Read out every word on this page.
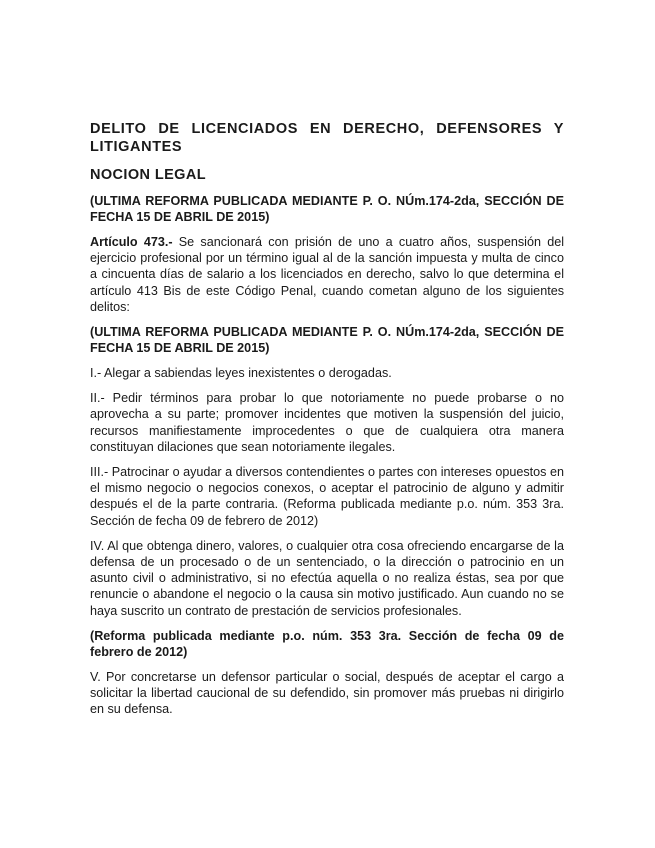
DELITO DE LICENCIADOS EN DERECHO, DEFENSORES Y LITIGANTES
NOCION LEGAL
(ULTIMA REFORMA PUBLICADA MEDIANTE P. O. NÚm.174-2da, SECCIÓN DE FECHA 15 DE ABRIL DE 2015)
Artículo 473.- Se sancionará con prisión de uno a cuatro años, suspensión del ejercicio profesional por un término igual al de la sanción impuesta y multa de cinco a cincuenta días de salario a los licenciados en derecho, salvo lo que determina el artículo 413 Bis de este Código Penal, cuando cometan alguno de los siguientes delitos:
(ULTIMA REFORMA PUBLICADA MEDIANTE P. O. NÚm.174-2da, SECCIÓN DE FECHA 15 DE ABRIL DE 2015)
I.- Alegar a sabiendas leyes inexistentes o derogadas.
II.- Pedir términos para probar lo que notoriamente no puede probarse o no aprovecha a su parte; promover incidentes que motiven la suspensión del juicio, recursos manifiestamente improcedentes o que de cualquiera otra manera constituyan dilaciones que sean notoriamente ilegales.
III.- Patrocinar o ayudar a diversos contendientes o partes con intereses opuestos en el mismo negocio o negocios conexos, o aceptar el patrocinio de alguno y admitir después el de la parte contraria. (Reforma publicada mediante p.o. núm. 353 3ra. Sección de fecha 09 de febrero de 2012)
IV. Al que obtenga dinero, valores, o cualquier otra cosa ofreciendo encargarse de la defensa de un procesado o de un sentenciado, o la dirección o patrocinio en un asunto civil o administrativo, si no efectúa aquella o no realiza éstas, sea por que renuncie o abandone el negocio o la causa sin motivo justificado. Aun cuando no se haya suscrito un contrato de prestación de servicios profesionales.
(Reforma publicada mediante p.o. núm. 353 3ra. Sección de fecha 09 de febrero de 2012)
V. Por concretarse un defensor particular o social, después de aceptar el cargo a solicitar la libertad caucional de su defendido, sin promover más pruebas ni dirigirlo en su defensa.
